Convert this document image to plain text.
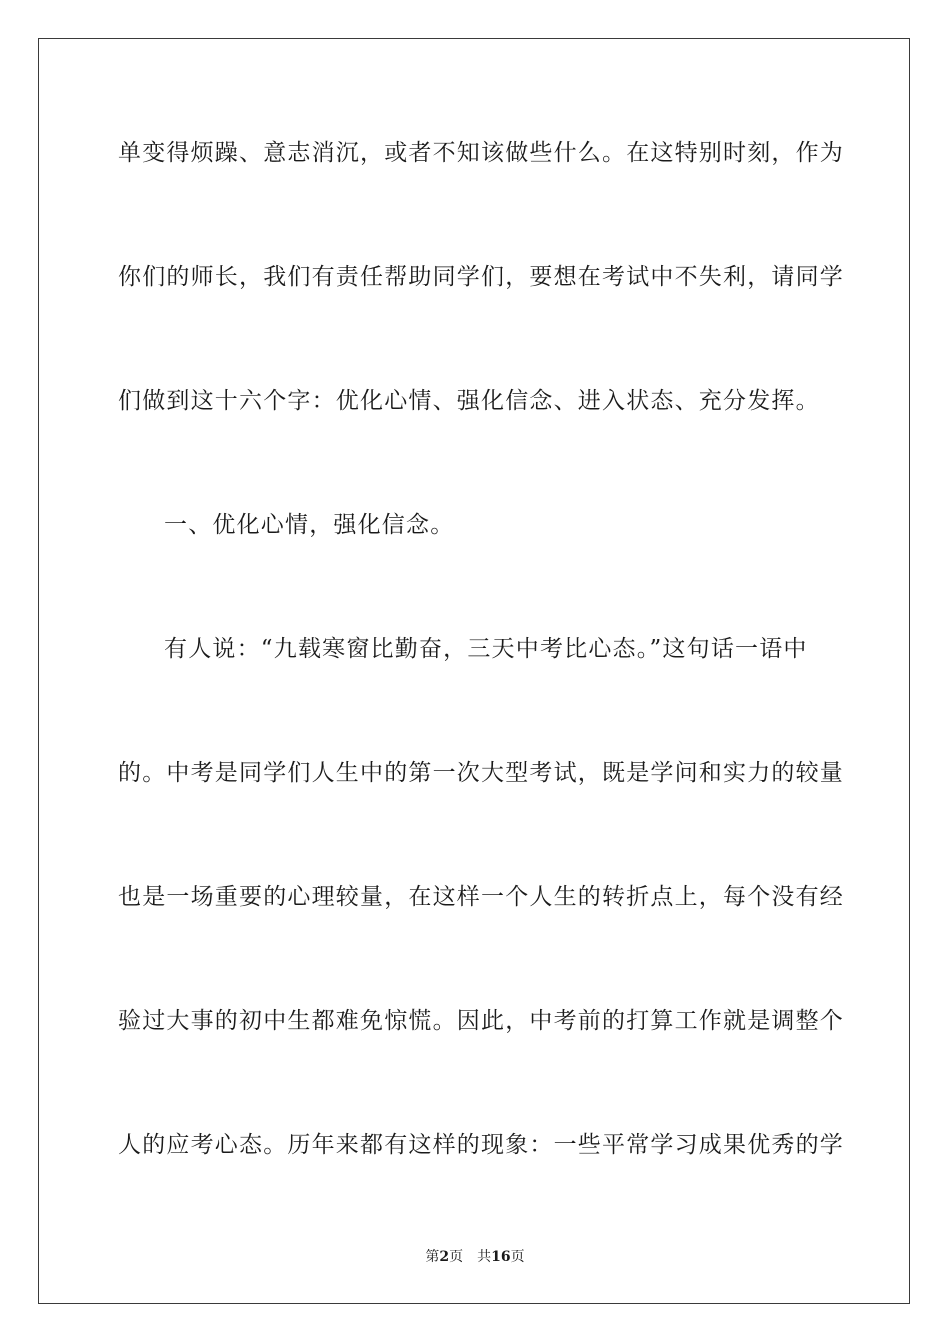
单变得烦躁、意志消沉，或者不知该做些什么。在这特别时刻，作为
你们的师长，我们有责任帮助同学们，要想在考试中不失利，请同学
们做到这十六个字：优化心情、强化信念、进入状态、充分发挥。
一、优化心情，强化信念。
有人说：“九载寒窗比勤奋，三天中考比心态。”这句话一语中
的。中考是同学们人生中的第一次大型考试，既是学问和实力的较量
也是一场重要的心理较量，在这样一个人生的转折点上，每个没有经
验过大事的初中生都难免惊慌。因此，中考前的打算工作就是调整个
人的应考心态。历年来都有这样的现象：一些平常学习成果优秀的学
第2页 共16页
